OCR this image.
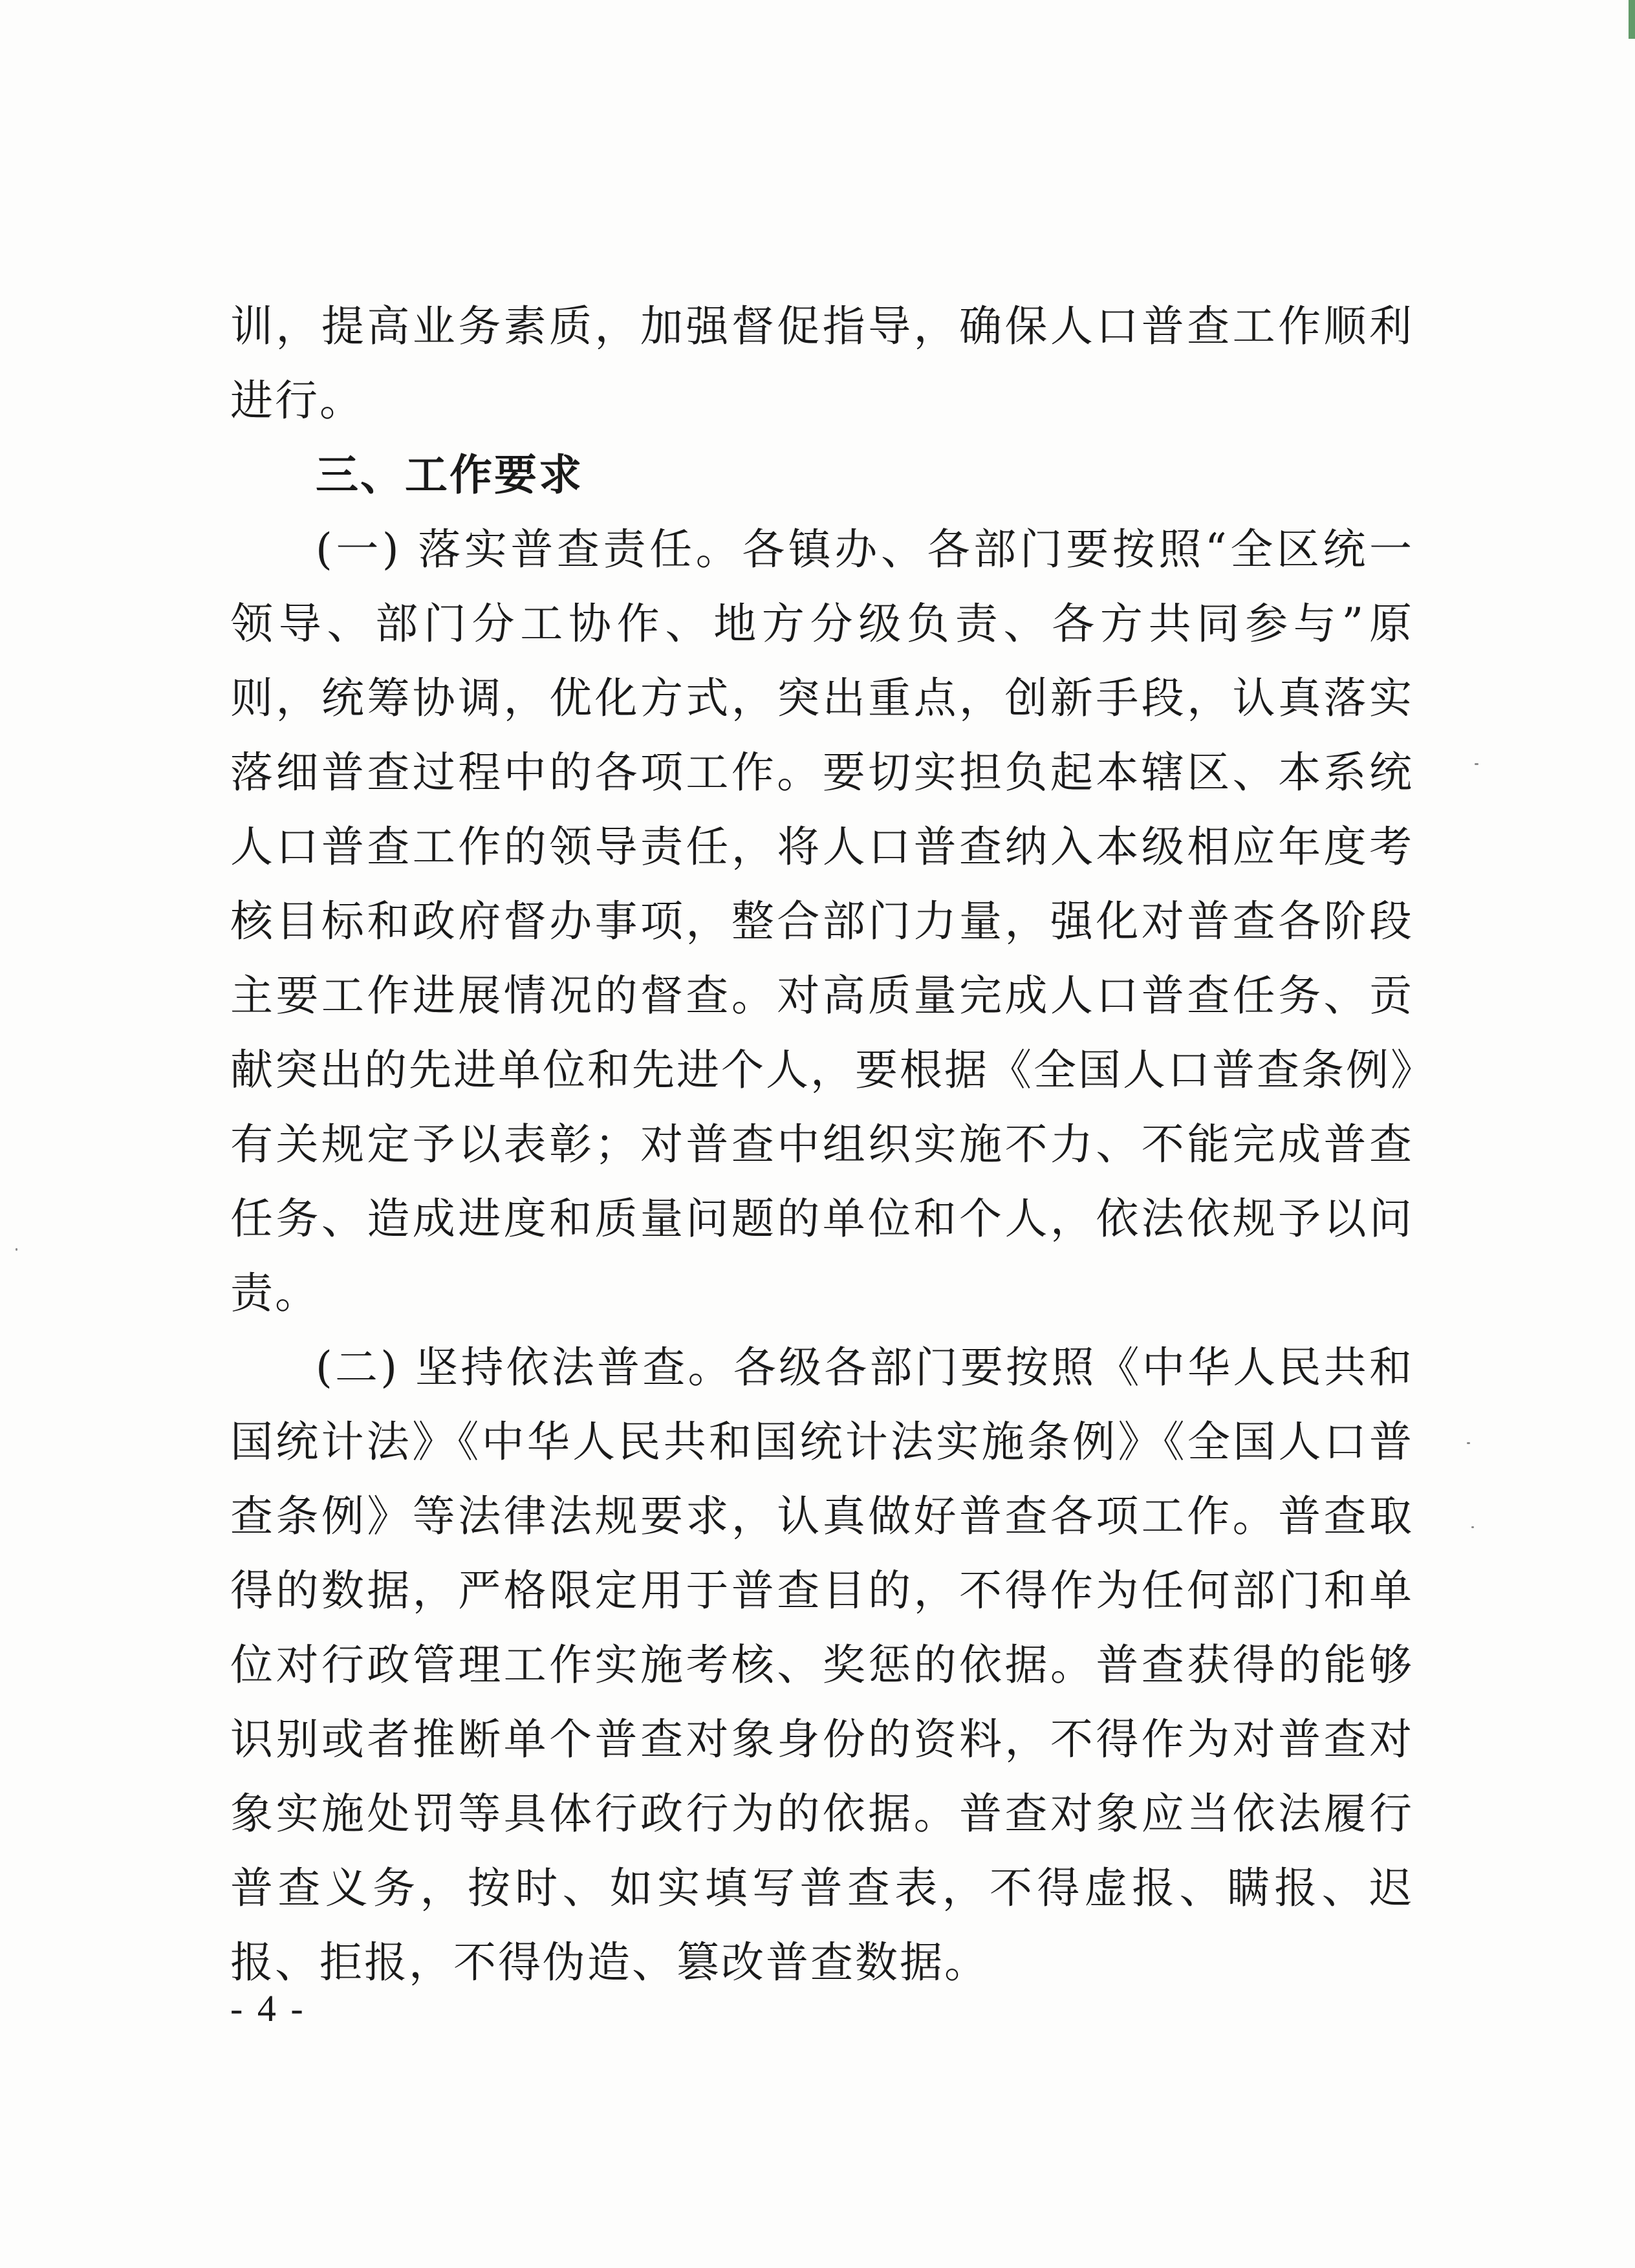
训，提高业务素质，加强督促指导，确保人口普查工作顺利进行。

三、工作要求

(一) 落实普查责任。各镇办、各部门要按照“全区统一领导、部门分工协作、地方分级负责、各方共同参与”原则，统筹协调，优化方式，突出重点，创新手段，认真落实落细普查过程中的各项工作。要切实担负起本辖区、本系统人口普查工作的领导责任，将人口普查纳入本级相应年度考核目标和政府督办事项，整合部门力量，强化对普查各阶段主要工作进展情况的督查。对高质量完成人口普查任务、贡献突出的先进单位和先进个人，要根据《全国人口普查条例》有关规定予以表彰；对普查中组织实施不力、不能完成普查任务、造成进度和质量问题的单位和个人，依法依规予以问责。

(二) 坚持依法普查。各级各部门要按照《中华人民共和国统计法》《中华人民共和国统计法实施条例》《全国人口普查条例》等法律法规要求，认真做好普查各项工作。普查取得的数据，严格限定用于普查目的，不得作为任何部门和单位对行政管理工作实施考核、奖惩的依据。普查获得的能够识别或者推断单个普查对象身份的资料，不得作为对普查对象实施处罚等具体行政行为的依据。普查对象应当依法履行普查义务，按时、如实填写普查表，不得虚报、瞒报、迟报、拒报，不得伪造、篡改普查数据。

- 4 -
